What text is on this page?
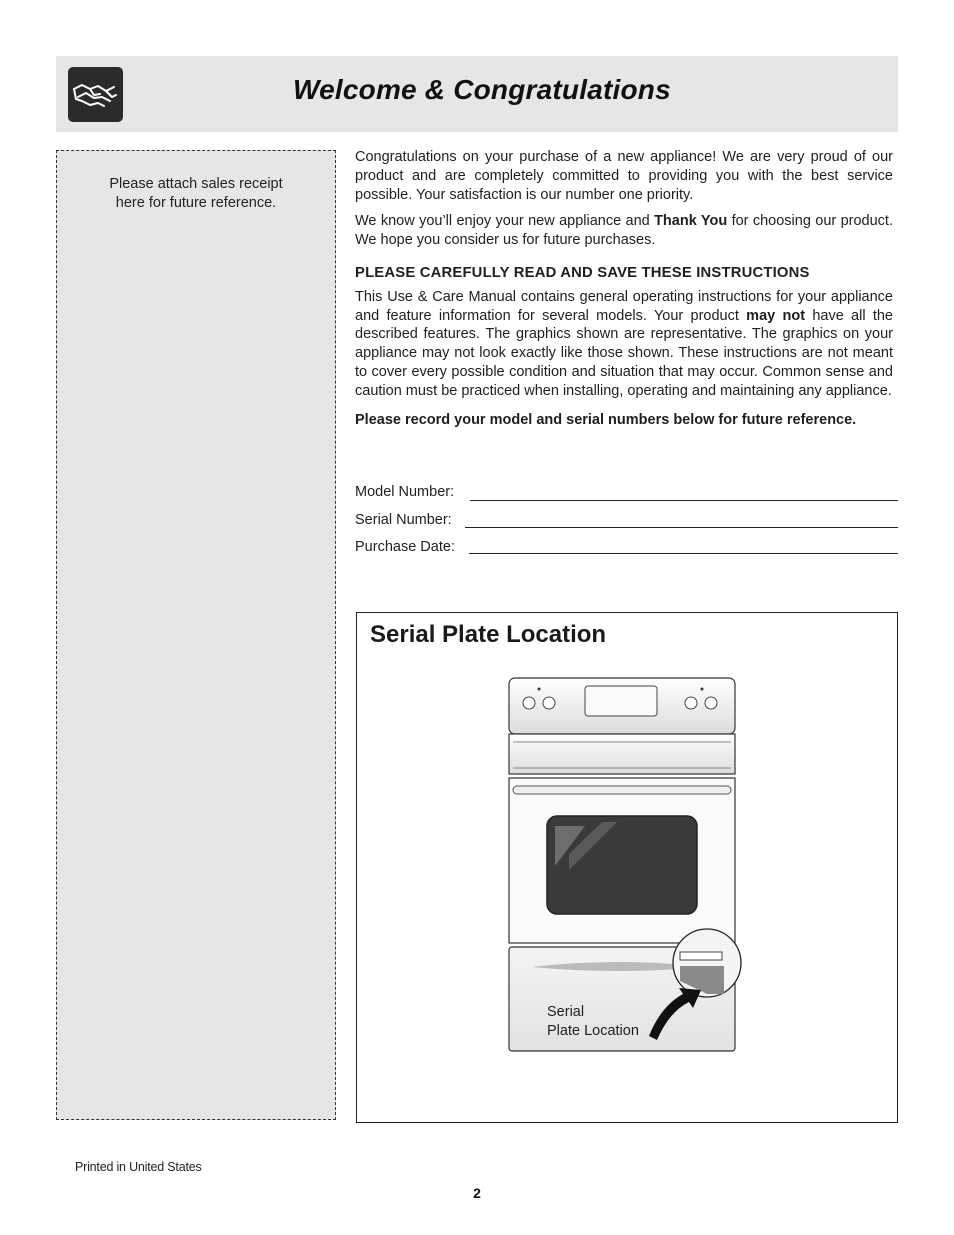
Welcome & Congratulations
Please attach sales receipt
here for future reference.

Congratulations on your purchase of a new appliance! We are very proud of our product and are completely committed to providing you with the best service possible. Your satisfaction is our number one priority.

We know you’ll enjoy your new appliance and Thank You for choosing our product. We hope you consider us for future purchases.

PLEASE CAREFULLY READ AND SAVE THESE INSTRUCTIONS

This Use & Care Manual contains general operating instructions for your appliance and feature information for several models. Your product may not have all the described features. The graphics shown are representative. The graphics on your appliance may not look exactly like those shown. These instructions are not meant to cover every possible condition and situation that may occur. Common sense and caution must be practiced when installing, operating and maintaining any appliance.

Please record your model and serial numbers below for future reference.

Model Number:
Serial Number:
Purchase Date:
Serial Plate Location
Serial
Plate Location
Printed in United States
2
